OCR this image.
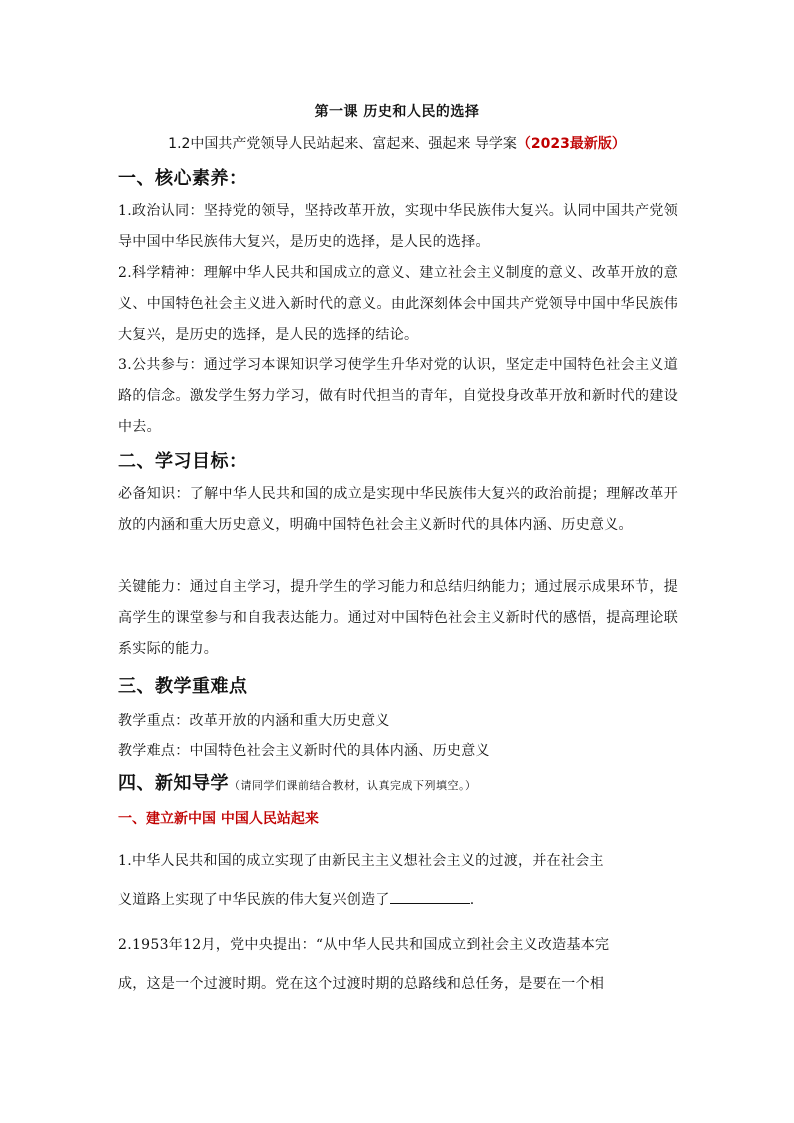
第一课 历史和人民的选择
1.2中国共产党领导人民站起来、富起来、强起来 导学案（2023最新版）
一、核心素养：
1.政治认同：坚持党的领导，坚持改革开放，实现中华民族伟大复兴。认同中国共产党领导中国中华民族伟大复兴，是历史的选择，是人民的选择。
2.科学精神：理解中华人民共和国成立的意义、建立社会主义制度的意义、改革开放的意义、中国特色社会主义进入新时代的意义。由此深刻体会中国共产党领导中国中华民族伟大复兴，是历史的选择，是人民的选择的结论。
3.公共参与：通过学习本课知识学习使学生升华对党的认识，坚定走中国特色社会主义道路的信念。激发学生努力学习，做有时代担当的青年，自觉投身改革开放和新时代的建设中去。
二、学习目标：
必备知识：了解中华人民共和国的成立是实现中华民族伟大复兴的政治前提；理解改革开放的内涵和重大历史意义，明确中国特色社会主义新时代的具体内涵、历史意义。
关键能力：通过自主学习，提升学生的学习能力和总结归纳能力；通过展示成果环节，提高学生的课堂参与和自我表达能力。通过对中国特色社会主义新时代的感悟，提高理论联系实际的能力。
三、教学重难点
教学重点：改革开放的内涵和重大历史意义
教学难点：中国特色社会主义新时代的具体内涵、历史意义
四、新知导学（请同学们课前结合教材，认真完成下列填空。）
一、建立新中国 中国人民站起来
1.中华人民共和国的成立实现了由新民主主义想社会主义的过渡，并在社会主
义道路上实现了中华民族的伟大复兴创造了	.
2.1953年12月，党中央提出：“从中华人民共和国成立到社会主义改造基本完
成，这是一个过渡时期。党在这个过渡时期的总路线和总任务，是要在一个相
